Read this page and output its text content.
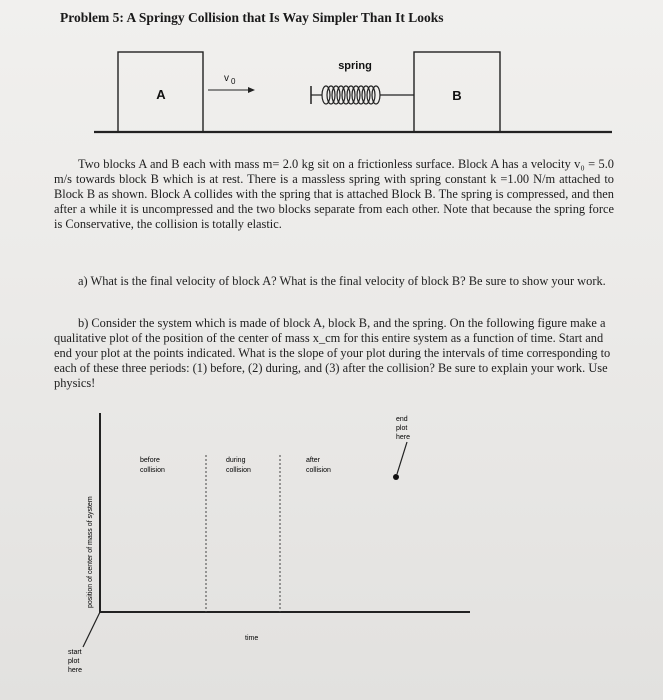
Problem 5: A Springy Collision that Is Way Simpler Than It Looks
A
v 0
spring
B
Two blocks A and B each with mass m= 2.0 kg sit on a frictionless surface. Block A has a velocity v₀ = 5.0 m/s towards block B which is at rest. There is a massless spring with spring constant k =1.00 N/m attached to Block B as shown. Block A collides with the spring that is attached Block B. The spring is compressed, and then after a while it is uncompressed and the two blocks separate from each other. Note that because the spring force is Conservative, the collision is totally elastic.
a) What is the final velocity of block A? What is the final velocity of block B? Be sure to show your work.
b) Consider the system which is made of block A, block B, and the spring. On the following figure make a qualitative plot of the position of the center of mass x_cm for this entire system as a function of time. Start and end your plot at the points indicated. What is the slope of your plot during the intervals of time corresponding to each of these three periods: (1) before, (2) during, and (3) after the collision? Be sure to explain your work. Use physics!
before
collision
during
collision
after
collision
end
plot
here
start
plot
here
time
position of center of mass of system
